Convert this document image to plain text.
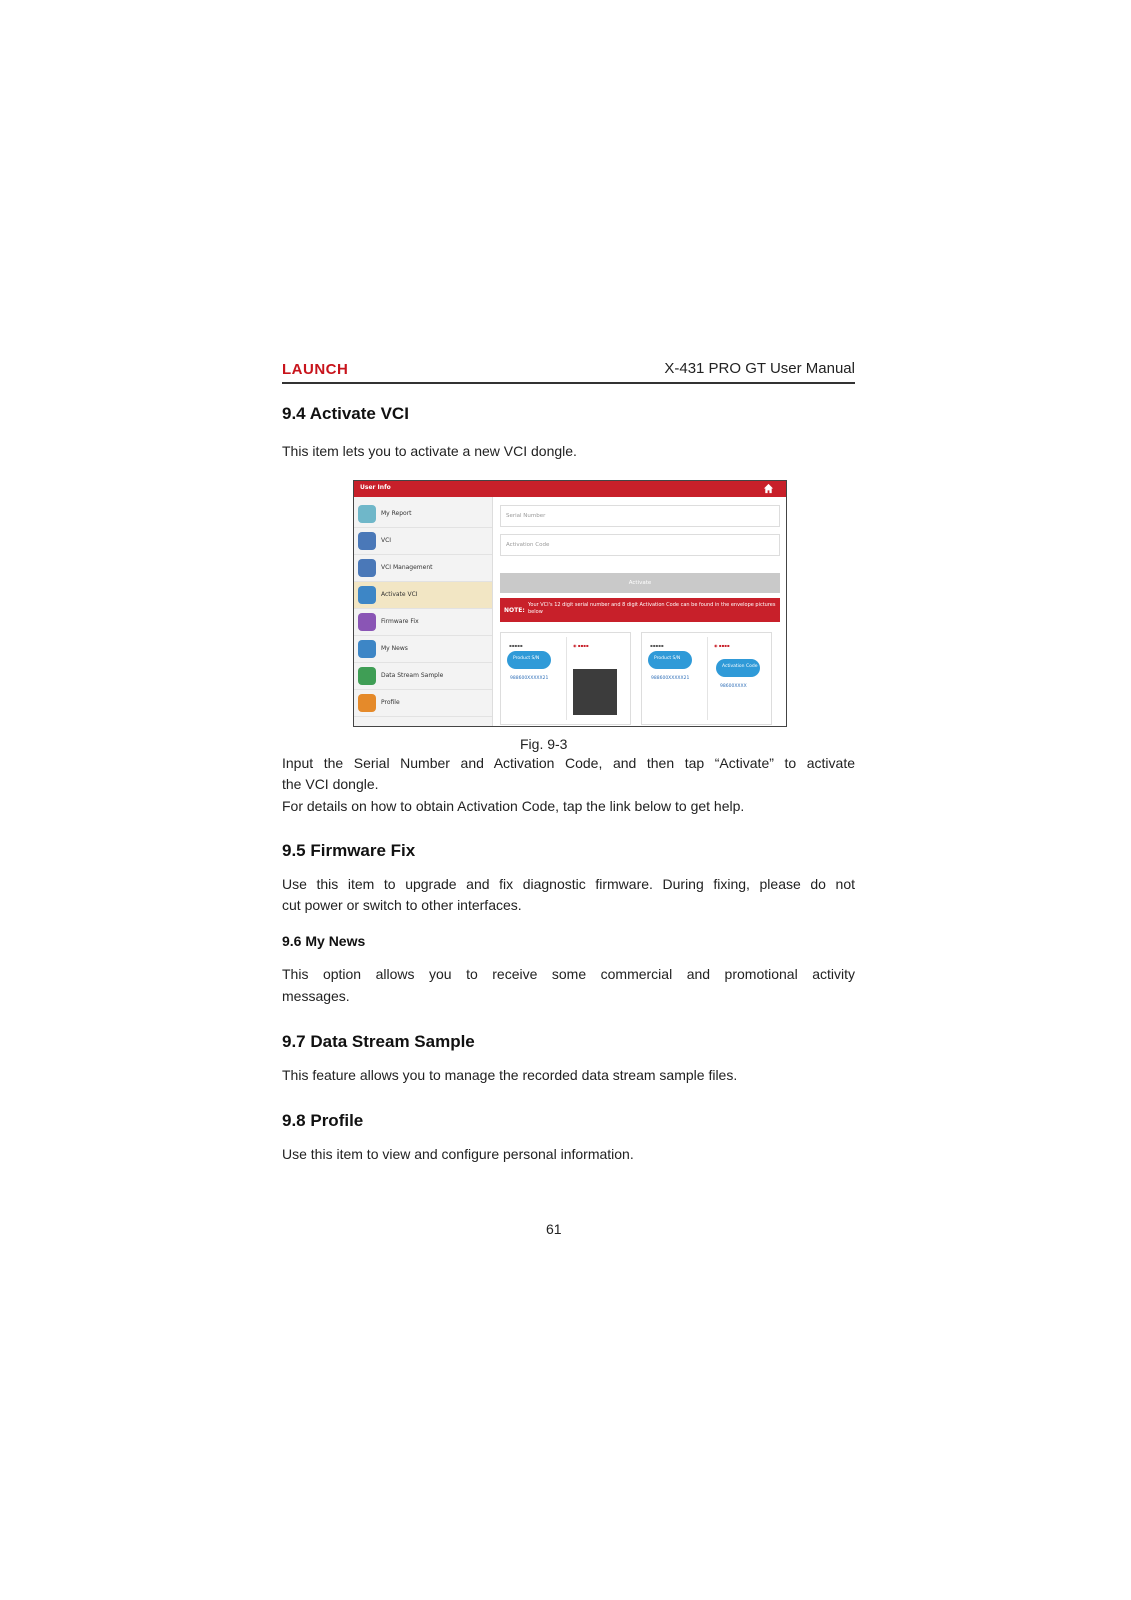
LAUNCH	X-431 PRO GT User Manual
9.4 Activate VCI
This item lets you to activate a new VCI dongle.
User Info
My Report
VCI
VCI Management
Activate VCI
Firmware Fix
My News
Data Stream Sample
Profile
Serial Number
Activation Code
Activate
NOTE:
Your VCI's 12 digit serial number and 8 digit Activation Code can be found in the envelope pictures below
▪▪▪▪▪
Product S/N
988600XXXXX21
◉ ▪▪▪▪	▪▪▪▪▪
Product S/N
988600XXXXX21
◉ ▪▪▪▪
Activation Code
98600XXXX
Fig. 9-3
Input the Serial Number and Activation Code, and then tap “Activate” to activate
the VCI dongle.
For details on how to obtain Activation Code, tap the link below to get help.
9.5 Firmware Fix
Use this item to upgrade and fix diagnostic firmware. During fixing, please do not
cut power or switch to other interfaces.
9.6 My News
This option allows you to receive some commercial and promotional activity
messages.
9.7 Data Stream Sample
This feature allows you to manage the recorded data stream sample files.
9.8 Profile
Use this item to view and configure personal information.
61
